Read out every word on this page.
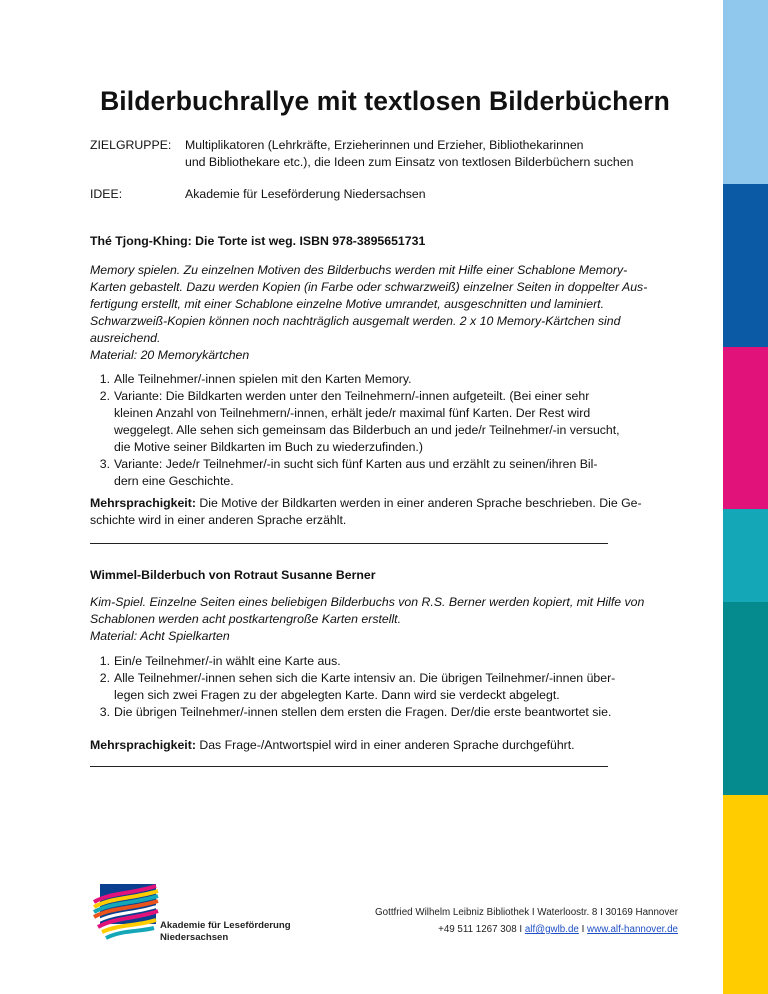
Bilderbuchrallye mit textlosen Bilderbüchern
ZIELGRUPPE:	Multiplikatoren (Lehrkräfte, Erzieherinnen und Erzieher, Bibliothekarinnen
und Bibliothekare etc.), die Ideen zum Einsatz von textlosen Bilderbüchern suchen
IDEE:	Akademie für Leseförderung Niedersachsen
Thé Tjong-Khing: Die Torte ist weg. ISBN 978-3895651731
Memory spielen. Zu einzelnen Motiven des Bilderbuchs werden mit Hilfe einer Schablone Memory-
Karten gebastelt. Dazu werden Kopien (in Farbe oder schwarzweiß) einzelner Seiten in doppelter Aus-
fertigung erstellt, mit einer Schablone einzelne Motive umrandet, ausgeschnitten und laminiert.
Schwarzweiß-Kopien können noch nachträglich ausgemalt werden. 2 x 10 Memory-Kärtchen sind
ausreichend.
Material: 20 Memorykärtchen
1. Alle Teilnehmer/-innen spielen mit den Karten Memory.
2. Variante: Die Bildkarten werden unter den Teilnehmern/-innen aufgeteilt. (Bei einer sehr
kleinen Anzahl von Teilnehmern/-innen, erhält jede/r maximal fünf Karten. Der Rest wird
weggelegt. Alle sehen sich gemeinsam das Bilderbuch an und jede/r Teilnehmer/-in versucht,
die Motive seiner Bildkarten im Buch zu wiederzufinden.)
3. Variante: Jede/r Teilnehmer/-in sucht sich fünf Karten aus und erzählt zu seinen/ihren Bil-
dern eine Geschichte.
Mehrsprachigkeit: Die Motive der Bildkarten werden in einer anderen Sprache beschrieben. Die Ge-
schichte wird in einer anderen Sprache erzählt.
Wimmel-Bilderbuch von Rotraut Susanne Berner
Kim-Spiel. Einzelne Seiten eines beliebigen Bilderbuchs von R.S. Berner werden kopiert, mit Hilfe von
Schablonen werden acht postkartengroße Karten erstellt.
Material: Acht Spielkarten
1. Ein/e Teilnehmer/-in wählt eine Karte aus.
2. Alle Teilnehmer/-innen sehen sich die Karte intensiv an. Die übrigen Teilnehmer/-innen über-
legen sich zwei Fragen zu der abgelegten Karte. Dann wird sie verdeckt abgelegt.
3. Die übrigen Teilnehmer/-innen stellen dem ersten die Fragen. Der/die erste beantwortet sie.
Mehrsprachigkeit: Das Frage-/Antwortspiel wird in einer anderen Sprache durchgeführt.
Akademie für Leseförderung
Niedersachsen
Gottfried Wilhelm Leibniz Bibliothek I Waterloostr. 8 I 30169 Hannover
+49 511 1267 308 I alf@gwlb.de I www.alf-hannover.de
